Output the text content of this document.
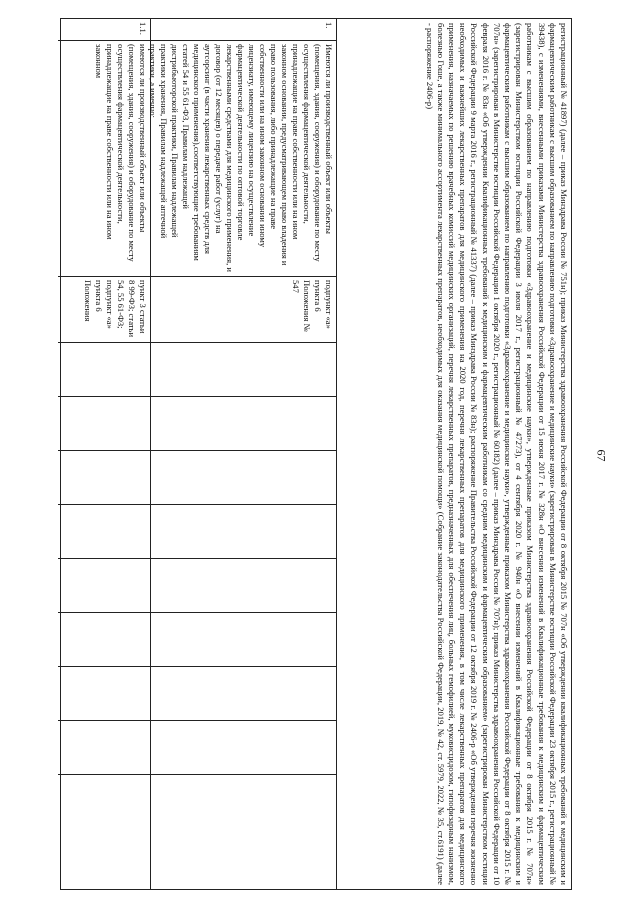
67
регистрационный № 41897) (далее – приказ Минздрава России № 751н); приказ Министерства здравоохранения Российской Федерации от 8 октября 2015 № 707н «Об утверждении квалификационных требований к медицинским и фармацевтическим работникам с высшим образованием по направлению подготовки «Здравоохранение и медицинские науки» (зарегистрирован в Министерстве юстиции Российской Федерации 23 октября 2015 г., регистрационный № 39438), с изменениями, внесенными приказами Министерства здравоохранения Российской Федерации от 15 июня 2017 г. № 328н «О внесении изменений в Квалификационные требования к медицинским и фармацевтическим работникам с высшим образованием по направлению подготовки «Здравоохранение и медицинские науки», утвержденные приказом Министерства здравоохранения Российской Федерации от 8 октября 2015 г. № 707н» (зарегистрирован Министерством юстиции Российской Федерации 3 июля 2017 г., регистрационный № 47273), от 4 сентября 2020 г. № 940н «О внесении изменений в Квалификационные требования к медицинским и фармацевтическим работникам с высшим образованием по направлению подготовки «Здравоохранение и медицинские науки», утвержденные приказом Министерства здравоохранения Российской Федерации от 8 октября 2015 г. № 707н» (зарегистрирован в Министерстве юстиции Российской Федерации 1 октября 2020 г., регистрационный № 60182) (далее – приказ Минздрава России № 707н); приказ Министерства здравоохранения Российской Федерации от 10 февраля 2016 г. № 83н «Об утверждении Квалификационных требований к медицинским и фармацевтическим работникам со средним медицинским и фармацевтическим образованием» (зарегистрирован Министерством юстиции Российской Федерации 9 марта 2016 г., регистрационный № 41337) (далее – приказ Минздрава России № 83н); распоряжение Правительства Российской Федерации от 12 октября 2019 г. № 2406-р «Об утверждении перечня жизненно необходимых и важнейших лекарственных препаратов для медицинского применения на 2020 год, перечня лекарственных препаратов для медицинского применения, в том числе лекарственных препаратов для медицинского применения, назначаемых по решению врачебных комиссий медицинских организаций, перечня лекарственных препаратов, предназначенных для обеспечения лиц, больных гемофилией, муковисцидозом, гипофизарным нанизмом, болезнью Гоше, а также минимального ассортимента лекарственных препаратов, необходимых для оказания медицинской помощи» (Собрание законодательства Российской Федерации, 2019, № 42, ст. 5979, 2022, № 35, ст.6191) (далее - распоряжение 2406-р)
1.
Имеются ли производственный объект или объекты (помещения, здания, сооружения) и оборудование по месту осуществления фармацевтической деятельности, принадлежащие на праве собственности или на ином законном основании, предусматривающем право владения и право пользования, либо принадлежащие на праве собственности или на ином законном основании иному лицензиату, имеющему лицензию на осуществление фармацевтической деятельности по оптовой торговле лекарственными средствами для медицинского применения, и договор (от 12 месяцев) о передаче работ (услуг) на аутсорсинг (в части хранения лекарственных средств для медицинского применения),соответствующие требованиям статей 54 и 55 61-ФЗ, Правилам надлежащей дистрибьюторской практики, Правилам надлежащей практики хранения, Правилам надлежащей аптечной практики, а именно:
подпункт «а» пункта 6 Положения № 547
1.1.
имеются ли производственный объект или объекты (помещения, здания, сооружения) и оборудование по месту осуществления фармацевтической деятельности, принадлежащие на праве собственности или на ином законном
пункт 3 статьи 8 99-ФЗ; статьи 54, 55 61-ФЗ; подпункт «а» пункта 6 Положения
